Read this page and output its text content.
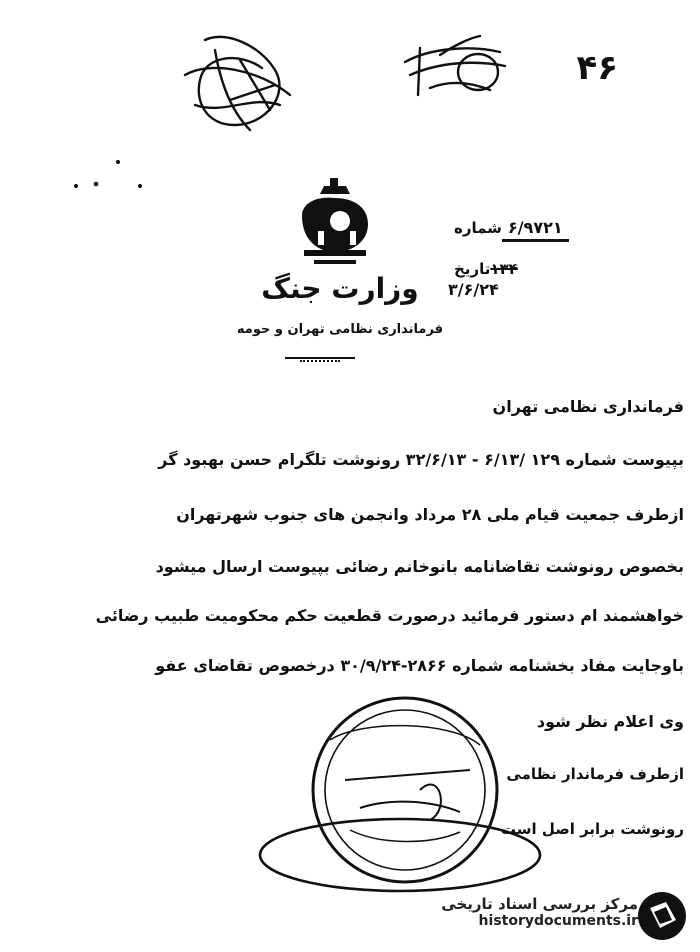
۴۶
وزارت جنگ
فرمانداری نظامی تهران و حومه
شماره ۶/۹۷۲۱
تاریخ ۱۳۴
۳/۶/۲۴
فرمانداری نظامی تهران
بپیوست شماره ۱۲۹ /۶/۱۳ - ۳۲/۶/۱۳ رونوشت تلگرام حسن بهبود گر
ازطرف جمعیت قیام ملی ۲۸ مرداد وانجمن های جنوب شهرتهران
بخصوص رونوشت تقاضانامه بانوخانم رضائی بپیوست ارسال میشود
خواهشمند ام دستور فرمائید درصورت قطعیت حکم محکومیت طبیب رضائی
باوجایت مفاد بخشنامه شماره ۲۸۶۶-۳۰/۹/۲۴ درخصوص تقاضای عفو
وی اعلام نظر شود
ازطرف فرماندار نظامی
رونوشت برابر اصل است
مرکز بررسی اسناد تاریخی
historydocuments.ir
